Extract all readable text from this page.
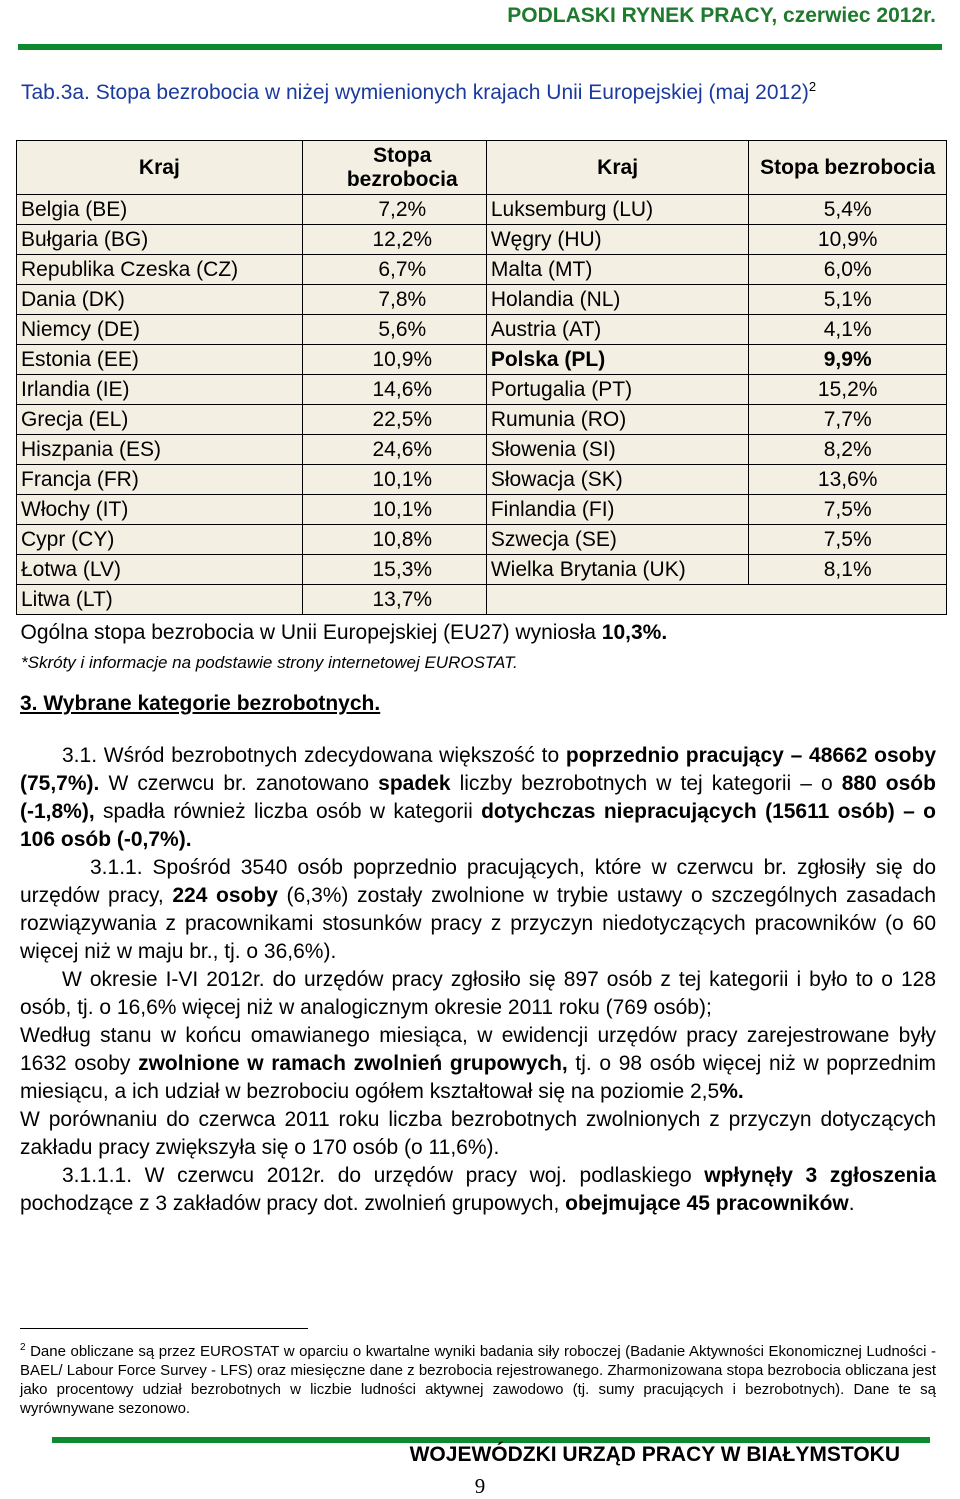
PODLASKI RYNEK PRACY, czerwiec 2012r.
Tab.3a. Stopa bezrobocia w niżej wymienionych krajach Unii Europejskiej (maj 2012)$^2$
Kraj	Stopa bezrobocia	Kraj	Stopa bezrobocia
Belgia (BE)	7,2%	Luksemburg (LU)	5,4%
Bułgaria (BG)	12,2%	Węgry (HU)	10,9%
Republika Czeska (CZ)	6,7%	Malta (MT)	6,0%
Dania (DK)	7,8%	Holandia (NL)	5,1%
Niemcy (DE)	5,6%	Austria (AT)	4,1%
Estonia (EE)	10,9%	Polska (PL)	9,9%
Irlandia (IE)	14,6%	Portugalia (PT)	15,2%
Grecja (EL)	22,5%	Rumunia (RO)	7,7%
Hiszpania (ES)	24,6%	Słowenia (SI)	8,2%
Francja (FR)	10,1%	Słowacja (SK)	13,6%
Włochy (IT)	10,1%	Finlandia (FI)	7,5%
Cypr (CY)	10,8%	Szwecja (SE)	7,5%
Łotwa (LV)	15,3%	Wielka Brytania (UK)	8,1%
Litwa (LT)	13,7%		
Ogólna stopa bezrobocia w Unii Europejskiej (EU27) wyniosła 10,3%.			
*Skróty i informacje na podstawie strony internetowej EUROSTAT.
3. Wybrane kategorie bezrobotnych.

3.1. Wśród bezrobotnych zdecydowana większość to poprzednio pracujący – 48662 osoby (75,7%). W czerwcu br. zanotowano spadek liczby bezrobotnych w tej kategorii – o 880 osób (-1,8%), spadła również liczba osób w kategorii dotychczas niepracujących (15611 osób) – o 106 osób (-0,7%).

3.1.1. Spośród 3540 osób poprzednio pracujących, które w czerwcu br. zgłosiły się do urzędów pracy, 224 osoby (6,3%) zostały zwolnione w trybie ustawy o szczególnych zasadach rozwiązywania z pracownikami stosunków pracy z przyczyn niedotyczących pracowników (o 60 więcej niż w maju br., tj. o 36,6%).

W okresie I-VI 2012r. do urzędów pracy zgłosiło się 897 osób z tej kategorii i było to o 128 osób, tj. o 16,6% więcej niż w analogicznym okresie 2011 roku (769 osób);

Według stanu w końcu omawianego miesiąca, w ewidencji urzędów pracy zarejestrowane były 1632 osoby zwolnione w ramach zwolnień grupowych, tj. o 98 osób więcej niż w poprzednim miesiącu, a ich udział w bezrobociu ogółem kształtował się na poziomie 2,5%.

W porównaniu do czerwca 2011 roku liczba bezrobotnych zwolnionych z przyczyn dotyczących zakładu pracy zwiększyła się o 170 osób (o 11,6%).

3.1.1.1. W czerwcu 2012r. do urzędów pracy woj. podlaskiego wpłynęły 3 zgłoszenia pochodzące z 3 zakładów pracy dot. zwolnień grupowych, obejmujące 45 pracowników.

$^2$ Dane obliczane są przez EUROSTAT w oparciu o kwartalne wyniki badania siły roboczej (Badanie Aktywności Ekonomicznej Ludności - BAEL/ Labour Force Survey - LFS) oraz miesięczne dane z bezrobocia rejestrowanego. Zharmonizowana stopa bezrobocia obliczana jest jako procentowy udział bezrobotnych w liczbie ludności aktywnej zawodowo (tj. sumy pracujących i bezrobotnych). Dane te są wyrównywane sezonowo.
WOJEWÓDZKI URZĄD PRACY W BIAŁYMSTOKU
9
